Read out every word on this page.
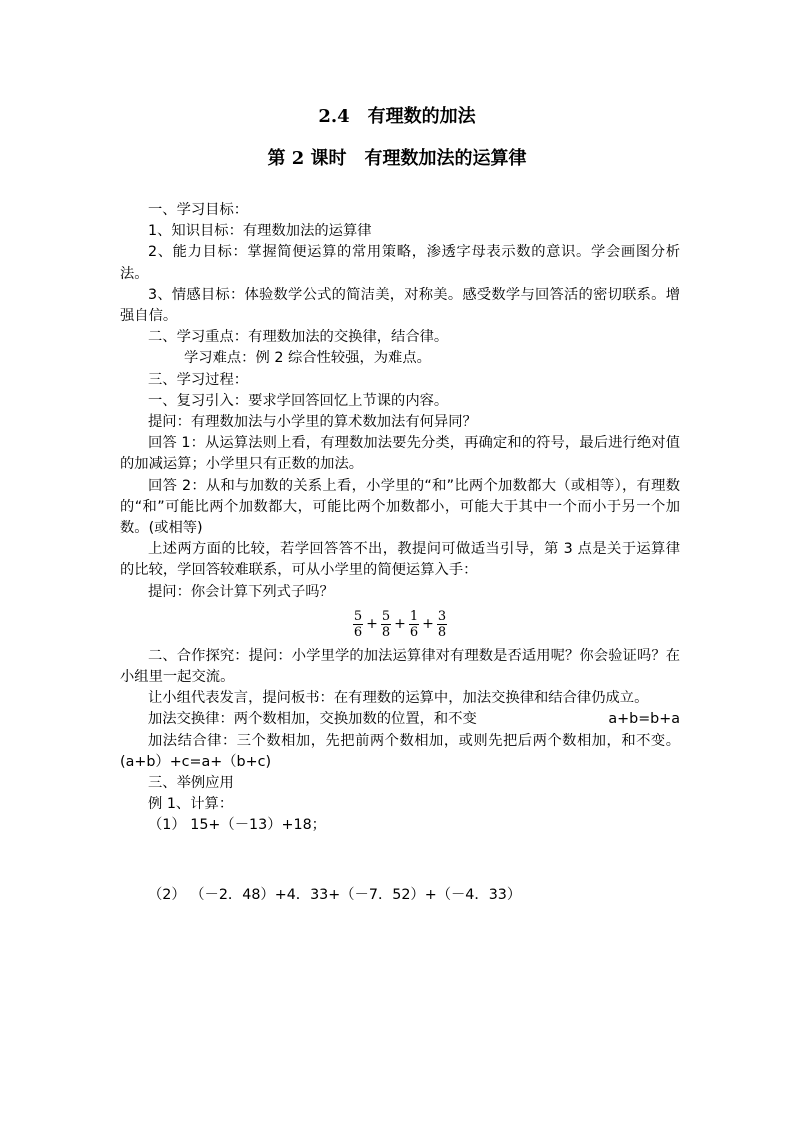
2.4　有理数的加法
第 2 课时　有理数加法的运算律

一、学习目标：

1、知识目标：有理数加法的运算律

2、能力目标：掌握简便运算的常用策略，渗透字母表示数的意识。学会画图分析法。

3、情感目标：体验数学公式的简洁美，对称美。感受数学与回答活的密切联系。增强自信。

二、学习重点：有理数加法的交换律，结合律。

学习难点：例 2 综合性较强，为难点。

三、学习过程：

一、复习引入：要求学回答回忆上节课的内容。

提问：有理数加法与小学里的算术数加法有何异同？

回答 1：从运算法则上看，有理数加法要先分类，再确定和的符号，最后进行绝对值的加减运算；小学里只有正数的加法。

回答 2：从和与加数的关系上看，小学里的“和”比两个加数都大（或相等），有理数的“和”可能比两个加数都大，可能比两个加数都小，可能大于其中一个而小于另一个加数。(或相等)

上述两方面的比较，若学回答答不出，教提问可做适当引导，第 3 点是关于运算律的比较，学回答较难联系，可从小学里的简便运算入手：

提问：你会计算下列式子吗？

$\frac{5}{6} + \frac{5}{8} + \frac{1}{6} + \frac{3}{8}$

二、合作探究：提问：小学里学的加法运算律对有理数是否适用呢？你会验证吗？在小组里一起交流。

让小组代表发言，提问板书：在有理数的运算中，加法交换律和结合律仍成立。

加法交换律：两个数相加，交换加数的位置，和不变	a+b=b+a

加法结合律：三个数相加，先把前两个数相加，或则先把后两个数相加，和不变。(a+b）+c=a+（b+c)

三、举例应用

例 1、计算：

（1） 15+（－13）+18；

（2） （－2．48）+4．33+（－7．52）+（－4．33）
